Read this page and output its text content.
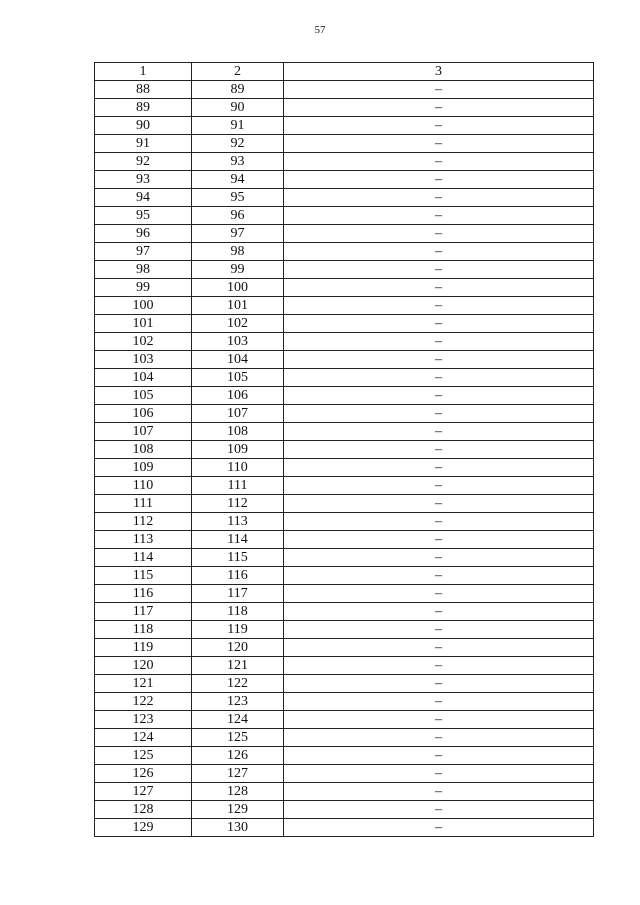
57
1	2	3
88	89	–
89	90	–
90	91	–
91	92	–
92	93	–
93	94	–
94	95	–
95	96	–
96	97	–
97	98	–
98	99	–
99	100	–
100	101	–
101	102	–
102	103	–
103	104	–
104	105	–
105	106	–
106	107	–
107	108	–
108	109	–
109	110	–
110	111	–
111	112	–
112	113	–
113	114	–
114	115	–
115	116	–
116	117	–
117	118	–
118	119	–
119	120	–
120	121	–
121	122	–
122	123	–
123	124	–
124	125	–
125	126	–
126	127	–
127	128	–
128	129	–
129	130	–
